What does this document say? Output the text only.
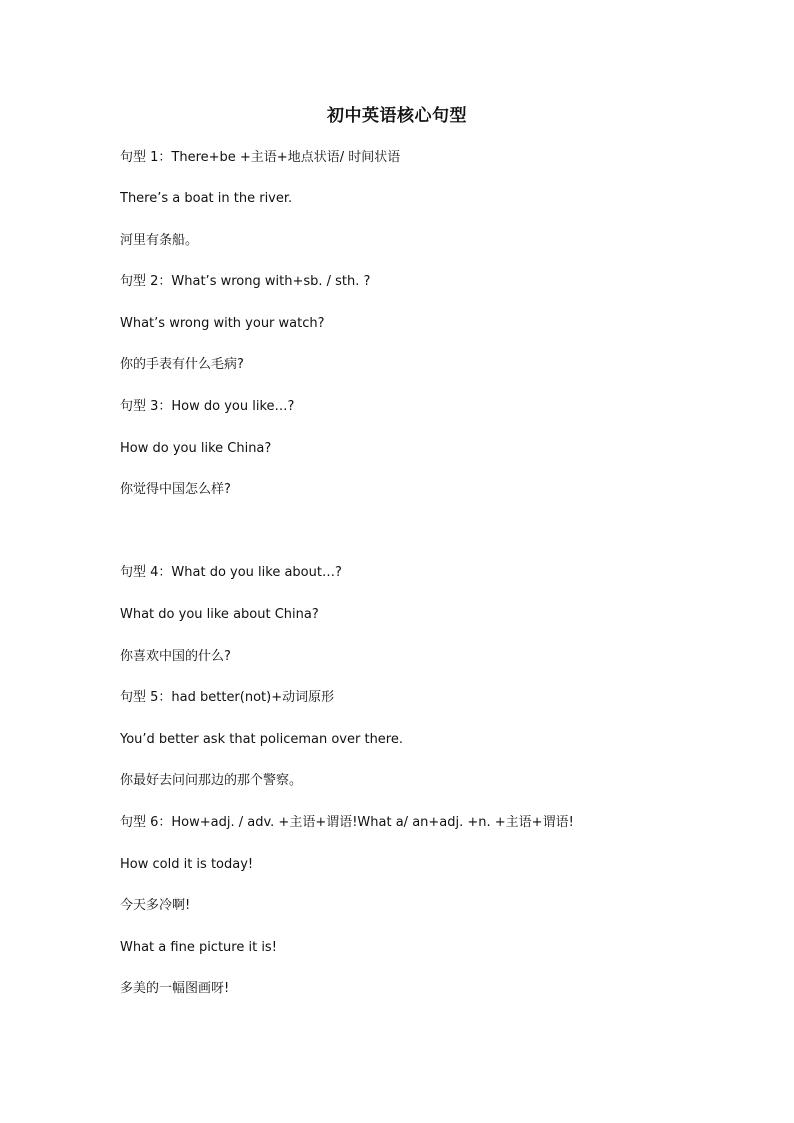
初中英语核心句型
句型 1：There+be +主语+地点状语/ 时间状语
There’s a boat in the river.
河里有条船。
句型 2：What’s wrong with+sb. / sth. ?
What’s wrong with your watch?
你的手表有什么毛病?
句型 3：How do you like…?
How do you like China?
你觉得中国怎么样?
句型 4：What do you like about…?
What do you like about China?
你喜欢中国的什么?
句型 5：had better(not)+动词原形
You’d better ask that policeman over there.
你最好去问问那边的那个警察。
句型 6：How+adj. / adv. +主语+谓语!What a/ an+adj. +n. +主语+谓语!
How cold it is today!
今天多冷啊!
What a fine picture it is!
多美的一幅图画呀!
